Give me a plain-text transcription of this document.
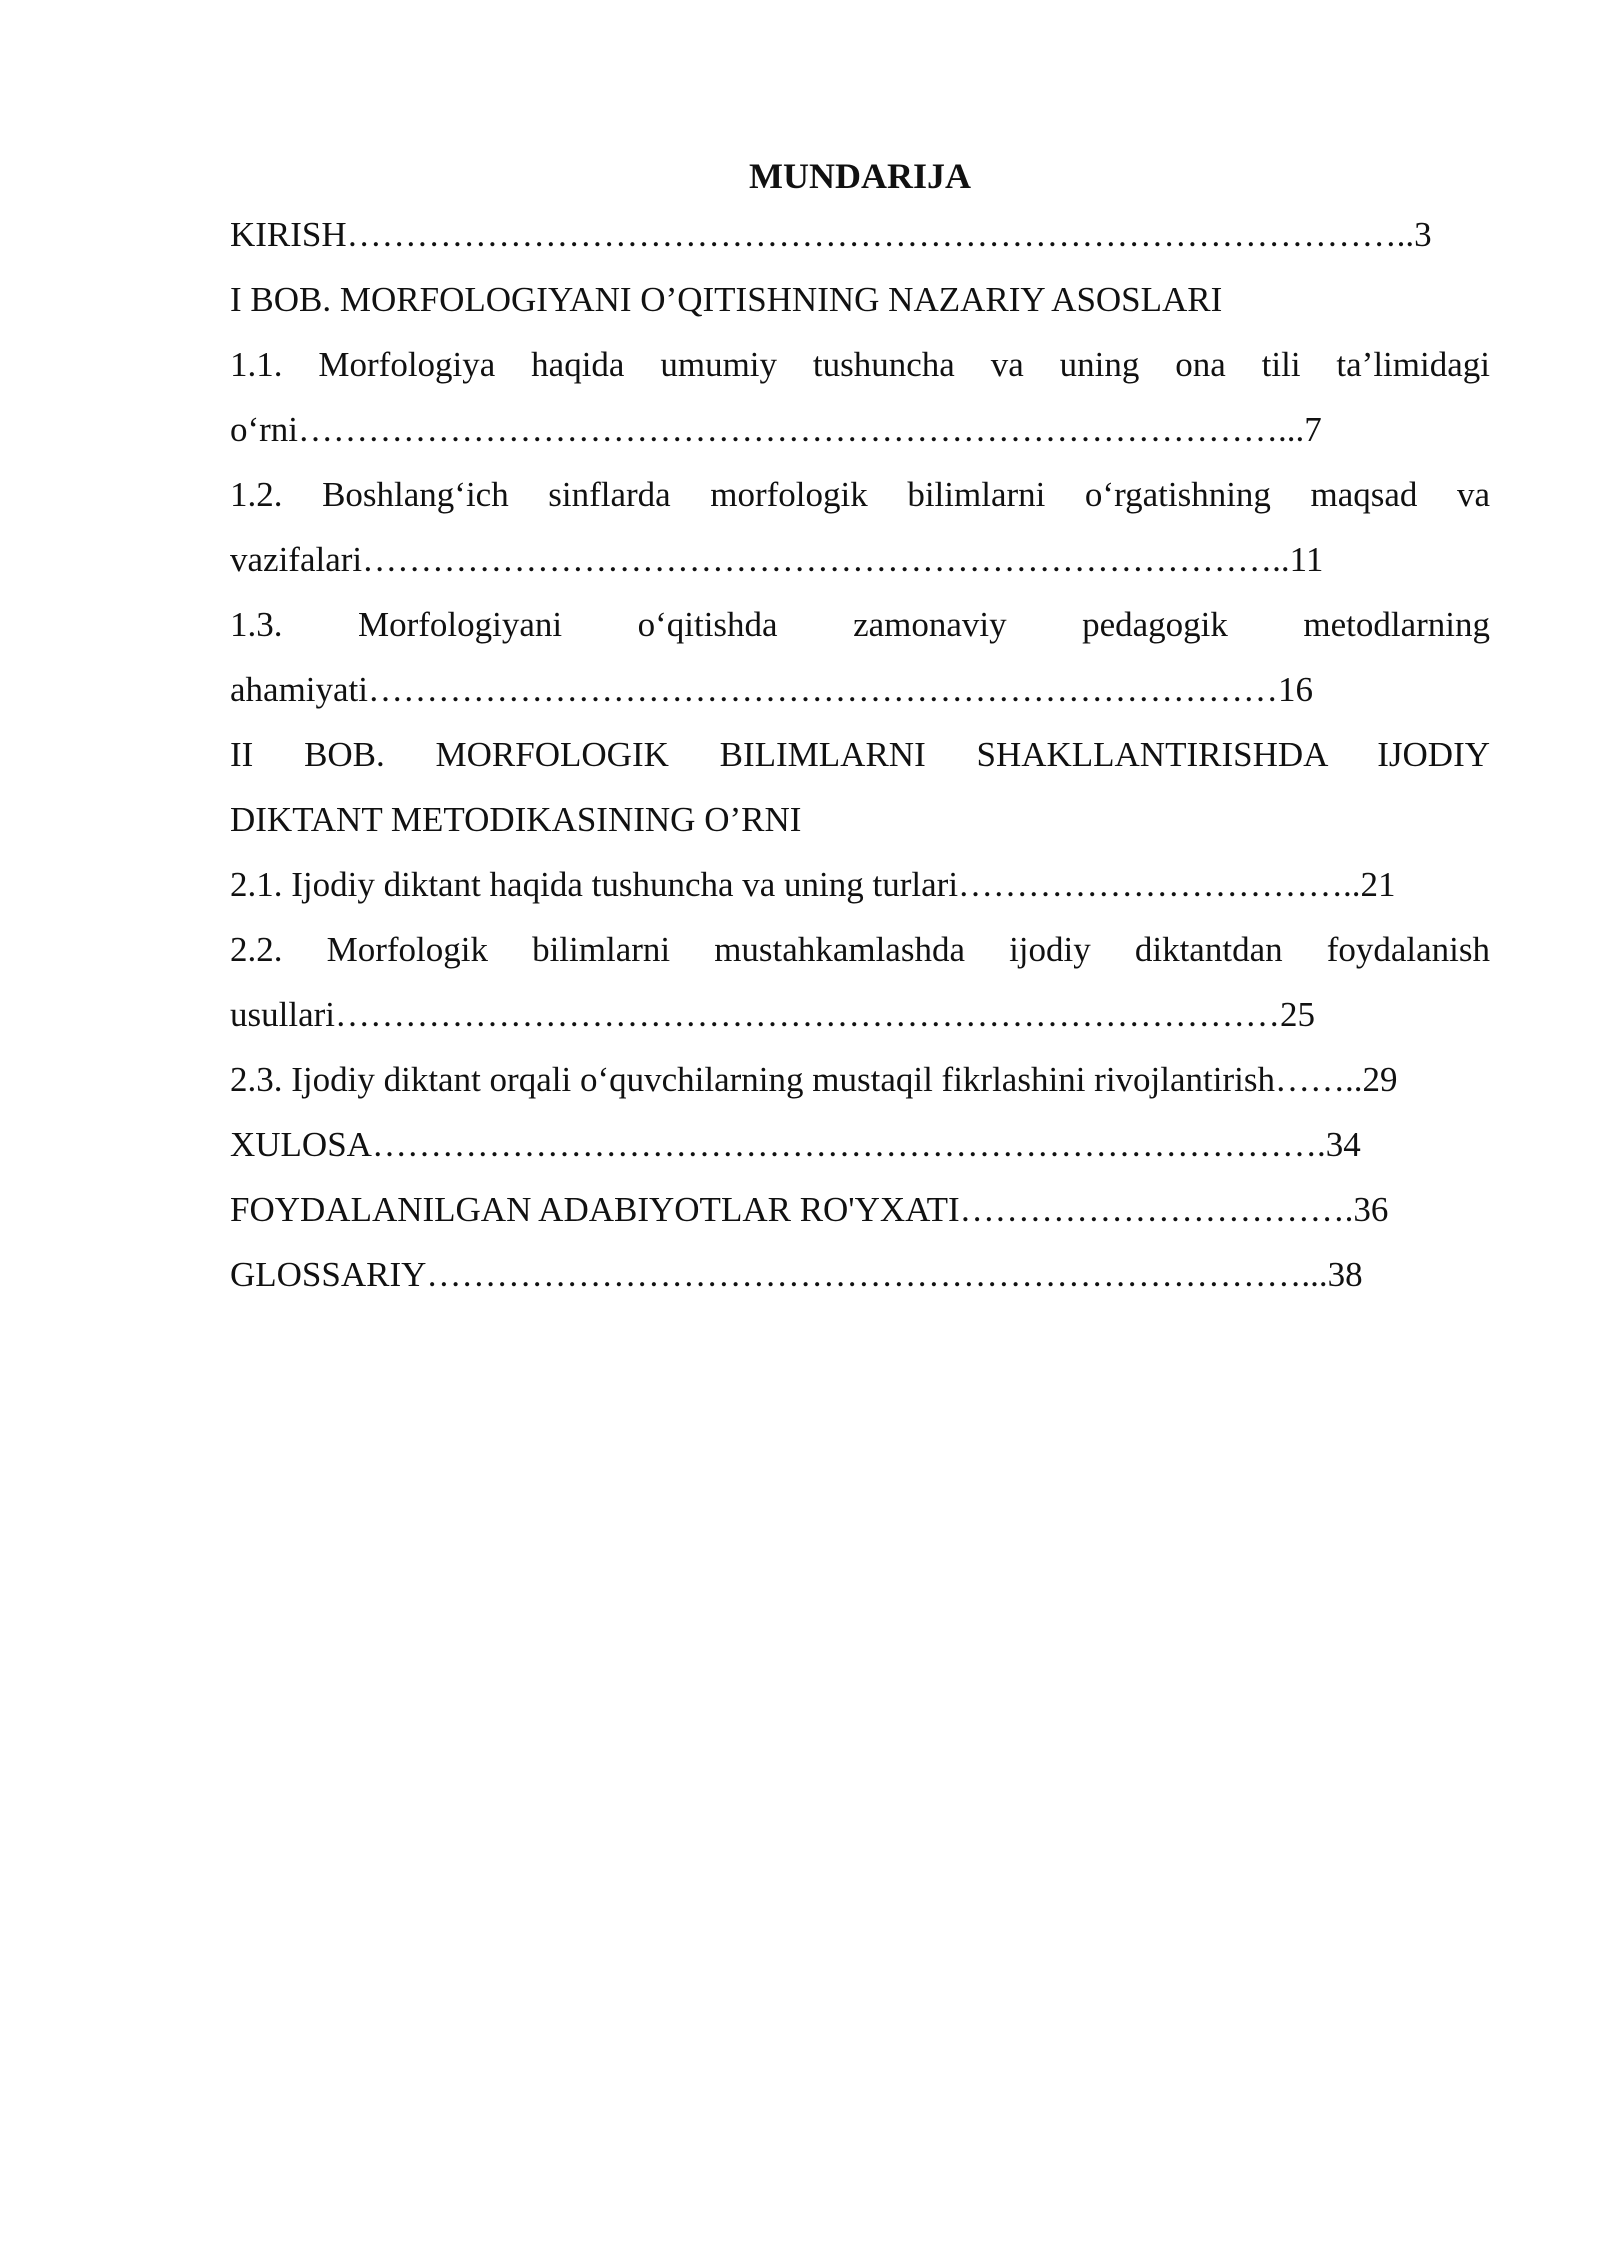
MUNDARIJA
KIRISH………………………………………………………………………………..3
I BOB. MORFOLOGIYANI O’QITISHNING NAZARIY ASOSLARI
1.1. Morfologiya haqida umumiy tushuncha va uning ona tili ta’limidagi
o‘rni…………………………………………………………………………...7
1.2. Boshlang‘ich sinflarda morfologik bilimlarni o‘rgatishning maqsad va
vazifalari……………………………………………………………………..11
1.3. Morfologiyani o‘qitishda zamonaviy pedagogik metodlarning
ahamiyati……………………………………………………………………16
II BOB. MORFOLOGIK BILIMLARNI SHAKLLANTIRISHDA IJODIY
DIKTANT METODIKASINING O’RNI
2.1. Ijodiy diktant haqida tushuncha va uning turlari……………………………..21
2.2. Morfologik bilimlarni mustahkamlashda ijodiy diktantdan foydalanish
usullari………………………………………………………………………25
2.3. Ijodiy diktant orqali o‘quvchilarning mustaqil fikrlashini rivojlantirish……..29
XULOSA……………………………………………………………………….34
FOYDALANILGAN ADABIYOTLAR RO'YXATI…………………………….36
GLOSSARIY…………………………………………………………………...38
